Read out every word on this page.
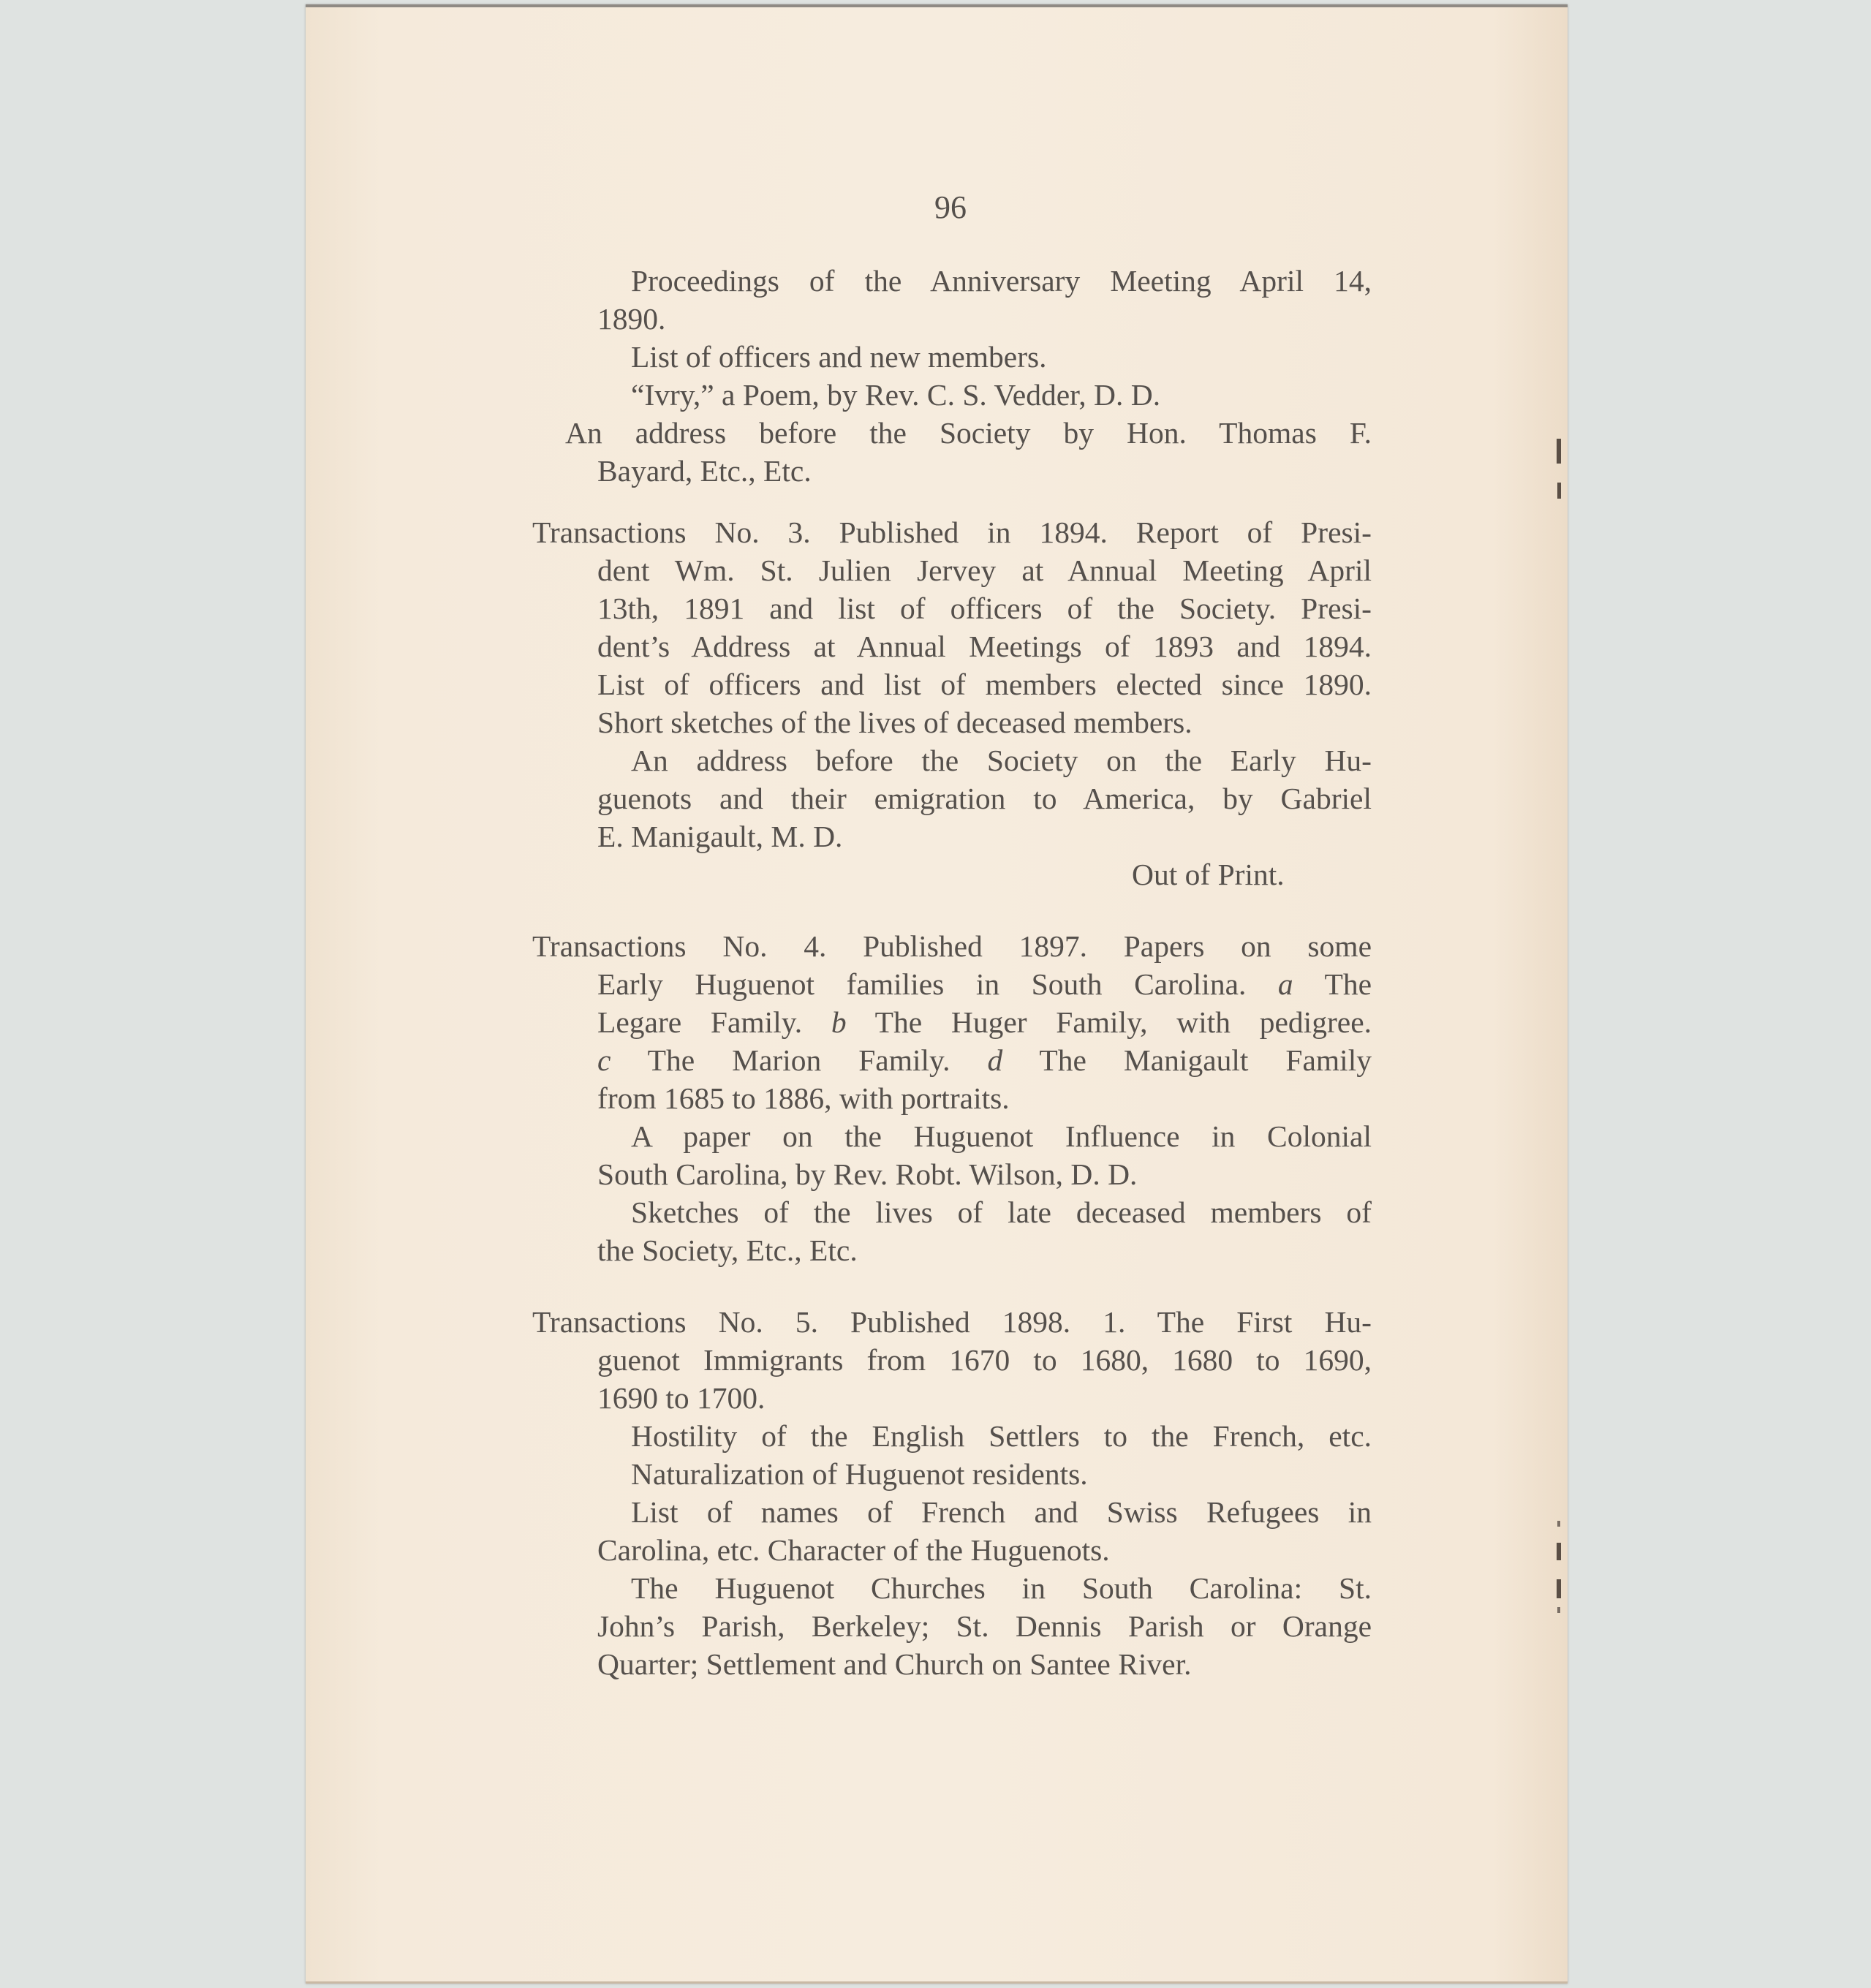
96
Proceedings of the Anniversary Meeting April 14,
1890.
List of officers and new members.
“Ivry,” a Poem, by Rev. C. S. Vedder, D. D.
An address before the Society by Hon. Thomas F.
Bayard, Etc., Etc.
Transactions No. 3. Published in 1894. Report of Presi-
dent Wm. St. Julien Jervey at Annual Meeting April
13th, 1891 and list of officers of the Society. Presi-
dent’s Address at Annual Meetings of 1893 and 1894.
List of officers and list of members elected since 1890.
Short sketches of the lives of deceased members.
An address before the Society on the Early Hu-
guenots and their emigration to America, by Gabriel
E. Manigault, M. D.
Out of Print.
Transactions No. 4. Published 1897. Papers on some
Early Huguenot families in South Carolina. a The
Legare Family. b The Huger Family, with pedigree.
c The Marion Family. d The Manigault Family
from 1685 to 1886, with portraits.
A paper on the Huguenot Influence in Colonial
South Carolina, by Rev. Robt. Wilson, D. D.
Sketches of the lives of late deceased members of
the Society, Etc., Etc.
Transactions No. 5. Published 1898. 1. The First Hu-
guenot Immigrants from 1670 to 1680, 1680 to 1690,
1690 to 1700.
Hostility of the English Settlers to the French, etc.
Naturalization of Huguenot residents.
List of names of French and Swiss Refugees in
Carolina, etc. Character of the Huguenots.
The Huguenot Churches in South Carolina: St.
John’s Parish, Berkeley; St. Dennis Parish or Orange
Quarter; Settlement and Church on Santee River.
